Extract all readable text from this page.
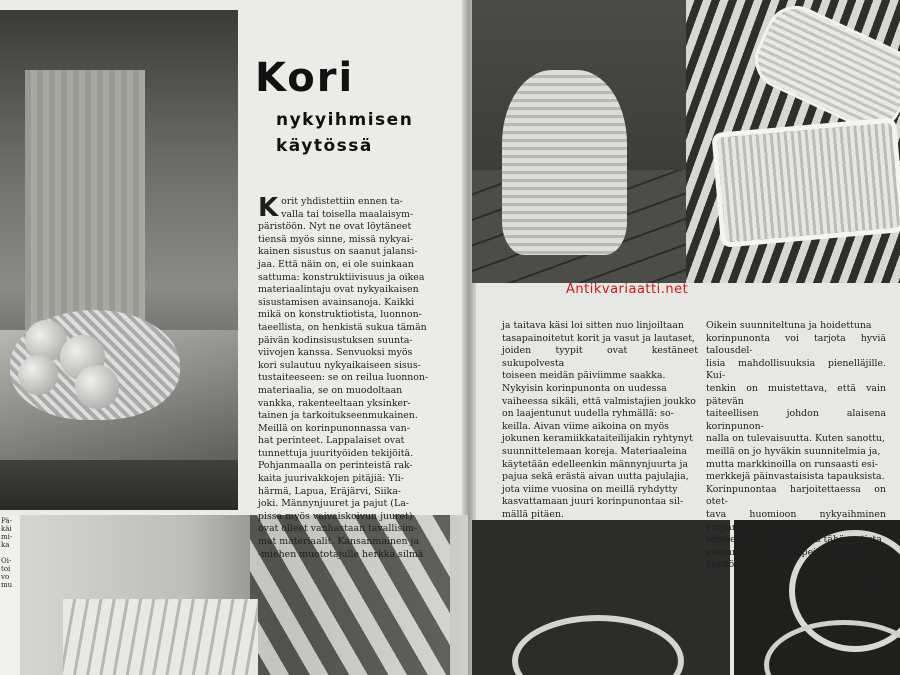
Pä-
käi
mi-
ka

Oi-
toi
vo
mu
Kori
nykyihmisen
käytössä
K orit yhdistettiin ennen ta-
valla tai toisella maalaisym-
päristöön. Nyt ne ovat löytäneet
tiensä myös sinne, missä nykyai-
kainen sisustus on saanut jalansi-
jaa. Että näin on, ei ole suinkaan
sattuma: konstruktiivisuus ja oikea
materiaalintaju ovat nykyaikaisen
sisustamisen avainsanoja. Kaikki
mikä on konstruktiotista, luonnon-
taeellista, on henkistä sukua tämän
päivän kodinsisustuksen suunta-
viivojen kanssa. Senvuoksi myös
kori sulautuu nykyaikaiseen sisus-
tustaiteeseen: se on reilua luonnon-
materiaalia, se on muodoltaan
vankka, rakenteeltaan yksinker-
tainen ja tarkoitukseenmukainen.
Meillä on korinpunonnassa van-
hat perinteet. Lappalaiset ovat
tunnettuja juurityöiden tekijöitä.
Pohjanmaalla on perinteistä rak-
kaita juurivakkojen pitäjiä: Yli-
härmä, Lapua, Eräjärvi, Siika-
joki. Männynjuuret ja pajut (La-
pissa myös vaivaiskoivun juuret)
ovat olleet vanhastaan tavallisim-
mat materiaalit. Kansanmainen ja
-miehen muototajulle herkkä silmä

ja taitava käsi loi sitten nuo linjoiltaan
tasapainoitetut korit ja vasut ja lautaset,
joiden tyypit ovat kestäneet sukupolvesta
toiseen meidän päiviimme saakka.
Nykyisin korinpunonta on uudessa
vaiheessa sikäli, että valmistajien joukko
on laajentunut uudella ryhmällä: so-
keilla. Aivan viime aikoina on myös
jokunen keramiikkataiteilijakin ryhtynyt
suunnittelemaan koreja. Materiaaleina
käytetään edelleenkin männynjuurta ja
pajua sekä erästä aivan uutta pajulajia,
jota viime vuosina on meillä ryhdytty
kasvattamaan juuri korinpunontaa sil-
mällä pitäen.

Oikein suunniteltuna ja hoidettuna
korinpunonta voi tarjota hyviä talousdel-
lisia mahdollisuuksia pienelläjille. Kui-
tenkin on muistettava, että vain pätevän
taiteellisen johdon alaisena korinpunon-
nalla on tulevaisuutta. Kuten sanottu,
meillä on jo hyväkin suunnitelmia ja,
mutta markkinoilla on runsaasti esi-
merkkejä päinvastaisista tapauksista.
Korinpunontaa harjoitettaessa on otet-
tava huomioon nykyaihminen ympäris-
töineen ja suunniteltava tähänastista
enemmän hänen tarpeitaan vastaavia
koritöitä.

A. S.
Antikvariaatti.net
